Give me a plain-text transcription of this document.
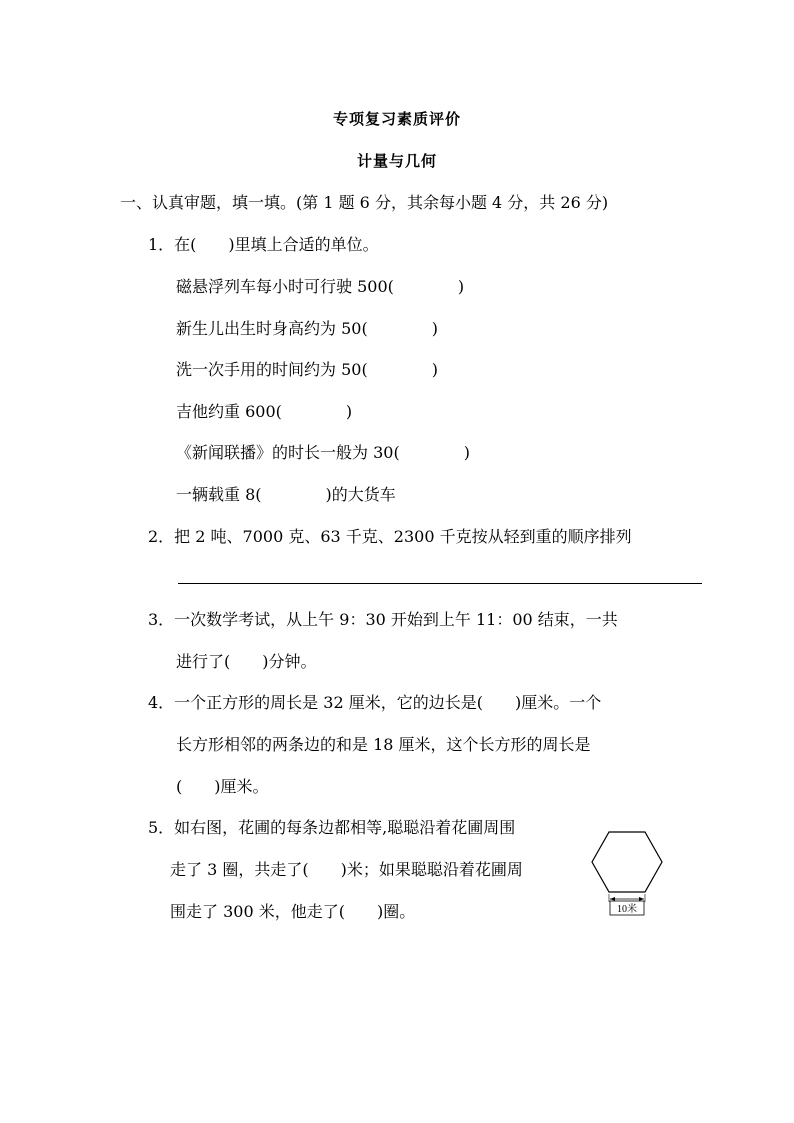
专项复习素质评价
计量与几何
一、认真审题，填一填。(第 1 题 6 分，其余每小题 4 分，共 26 分)
1．在(　　)里填上合适的单位。
磁悬浮列车每小时可行驶 500(　　　　)
新生儿出生时身高约为 50(　　　　)
洗一次手用的时间约为 50(　　　　)
吉他约重 600(　　　　)
《新闻联播》的时长一般为 30(　　　　)
一辆载重 8(　　　　)的大货车
2．把 2 吨、7000 克、63 千克、2300 千克按从轻到重的顺序排列
3．一次数学考试，从上午 9：30 开始到上午 11：00 结束，一共
进行了(　　)分钟。
4．一个正方形的周长是 32 厘米，它的边长是(　　)厘米。一个
长方形相邻的两条边的和是 18 厘米，这个长方形的周长是
(　　)厘米。
5．如右图，花圃的每条边都相等,聪聪沿着花圃周围
走了 3 圈，共走了(　　)米；如果聪聪沿着花圃周
围走了 300 米，他走了(　　)圈。	10米
